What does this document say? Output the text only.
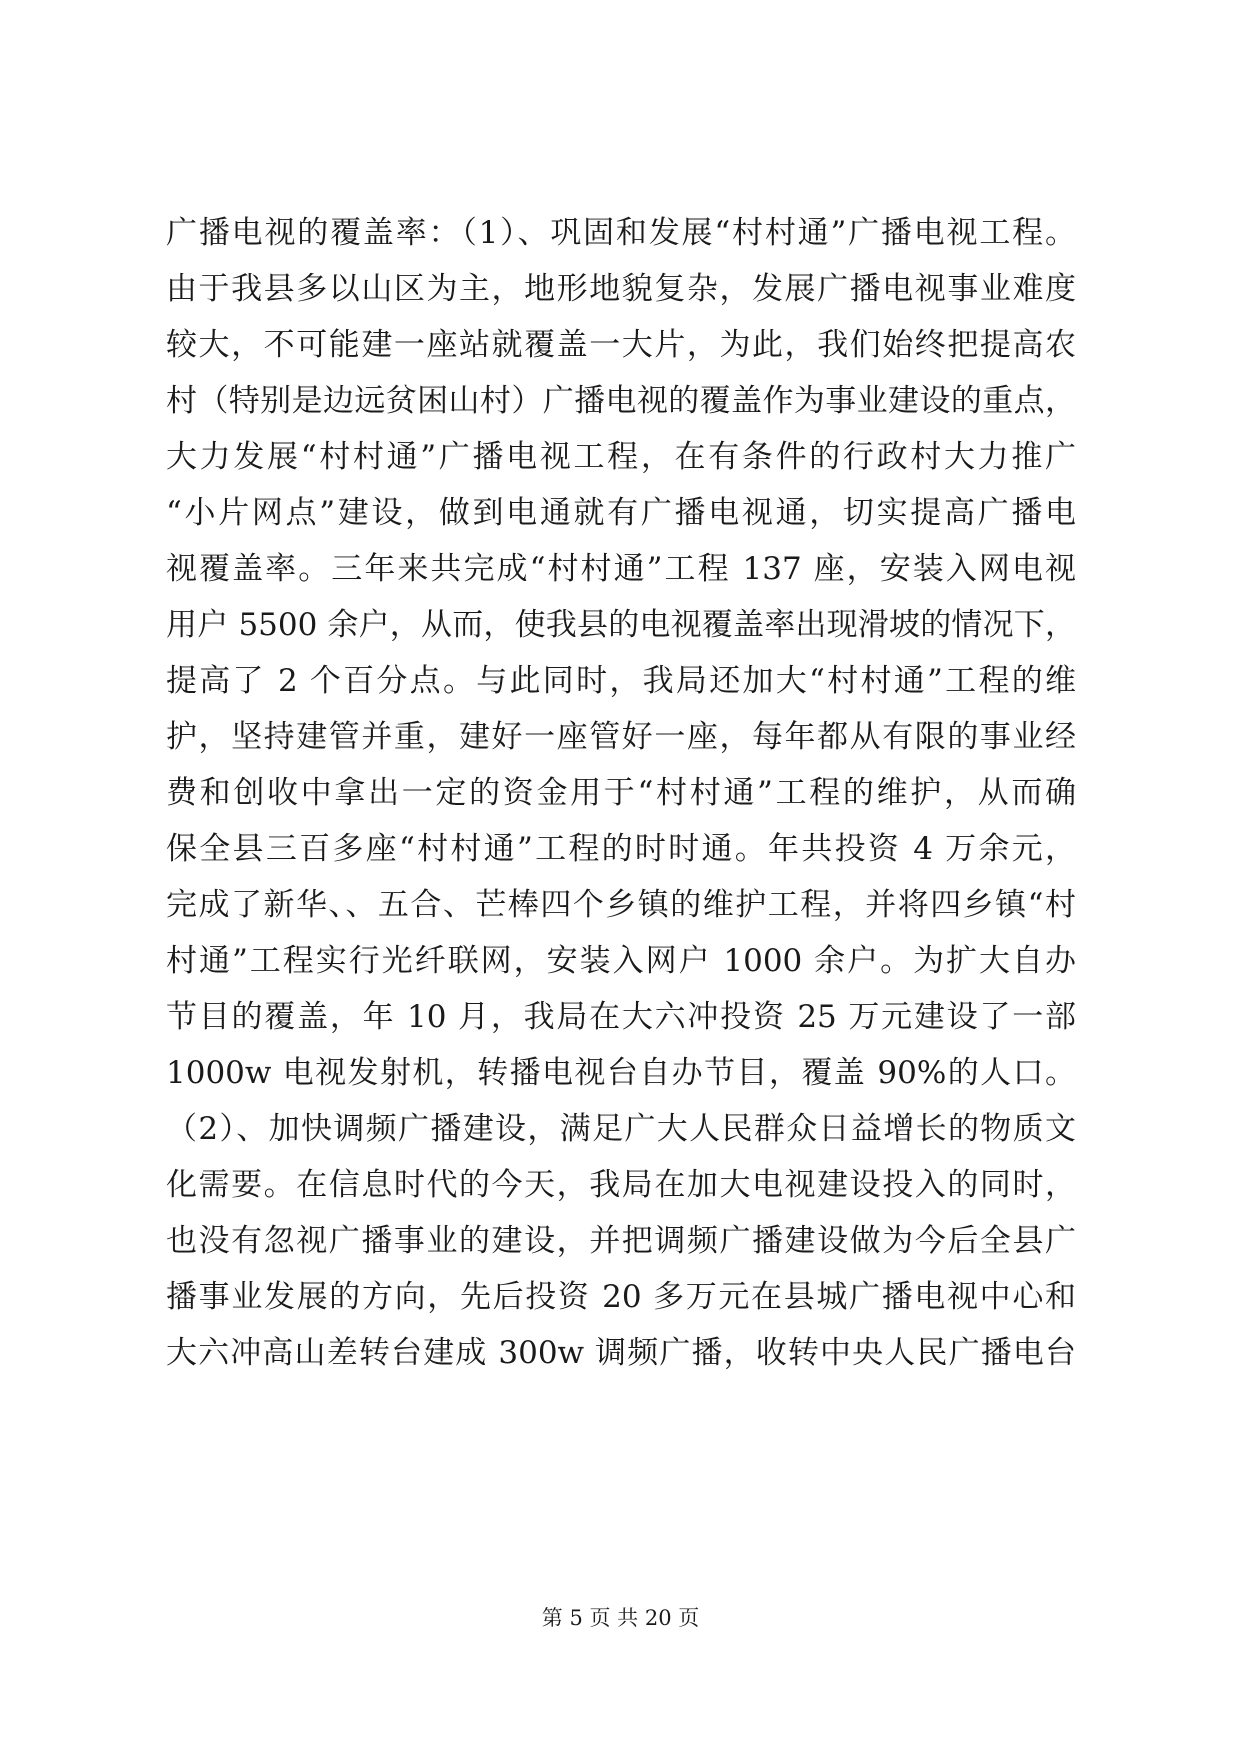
广播电视的覆盖率：（1）、巩固和发展“村村通”广播电视工程。
由于我县多以山区为主，地形地貌复杂，发展广播电视事业难度
较大，不可能建一座站就覆盖一大片，为此，我们始终把提高农
村（特别是边远贫困山村）广播电视的覆盖作为事业建设的重点，
大力发展“村村通”广播电视工程，在有条件的行政村大力推广
“小片网点”建设，做到电通就有广播电视通，切实提高广播电
视覆盖率。三年来共完成“村村通”工程 137 座，安装入网电视
用户 5500 余户，从而，使我县的电视覆盖率出现滑坡的情况下，
提高了 2 个百分点。与此同时，我局还加大“村村通”工程的维
护，坚持建管并重，建好一座管好一座，每年都从有限的事业经
费和创收中拿出一定的资金用于“村村通”工程的维护，从而确
保全县三百多座“村村通”工程的时时通。年共投资 4 万余元，
完成了新华、、五合、芒棒四个乡镇的维护工程，并将四乡镇“村
村通”工程实行光纤联网，安装入网户 1000 余户。为扩大自办
节目的覆盖，年 10 月，我局在大六冲投资 25 万元建设了一部
1000w 电视发射机，转播电视台自办节目，覆盖 90%的人口。
（2）、加快调频广播建设，满足广大人民群众日益增长的物质文
化需要。在信息时代的今天，我局在加大电视建设投入的同时，
也没有忽视广播事业的建设，并把调频广播建设做为今后全县广
播事业发展的方向，先后投资 20 多万元在县城广播电视中心和
大六冲高山差转台建成 300w 调频广播，收转中央人民广播电台
第 5 页 共 20 页
